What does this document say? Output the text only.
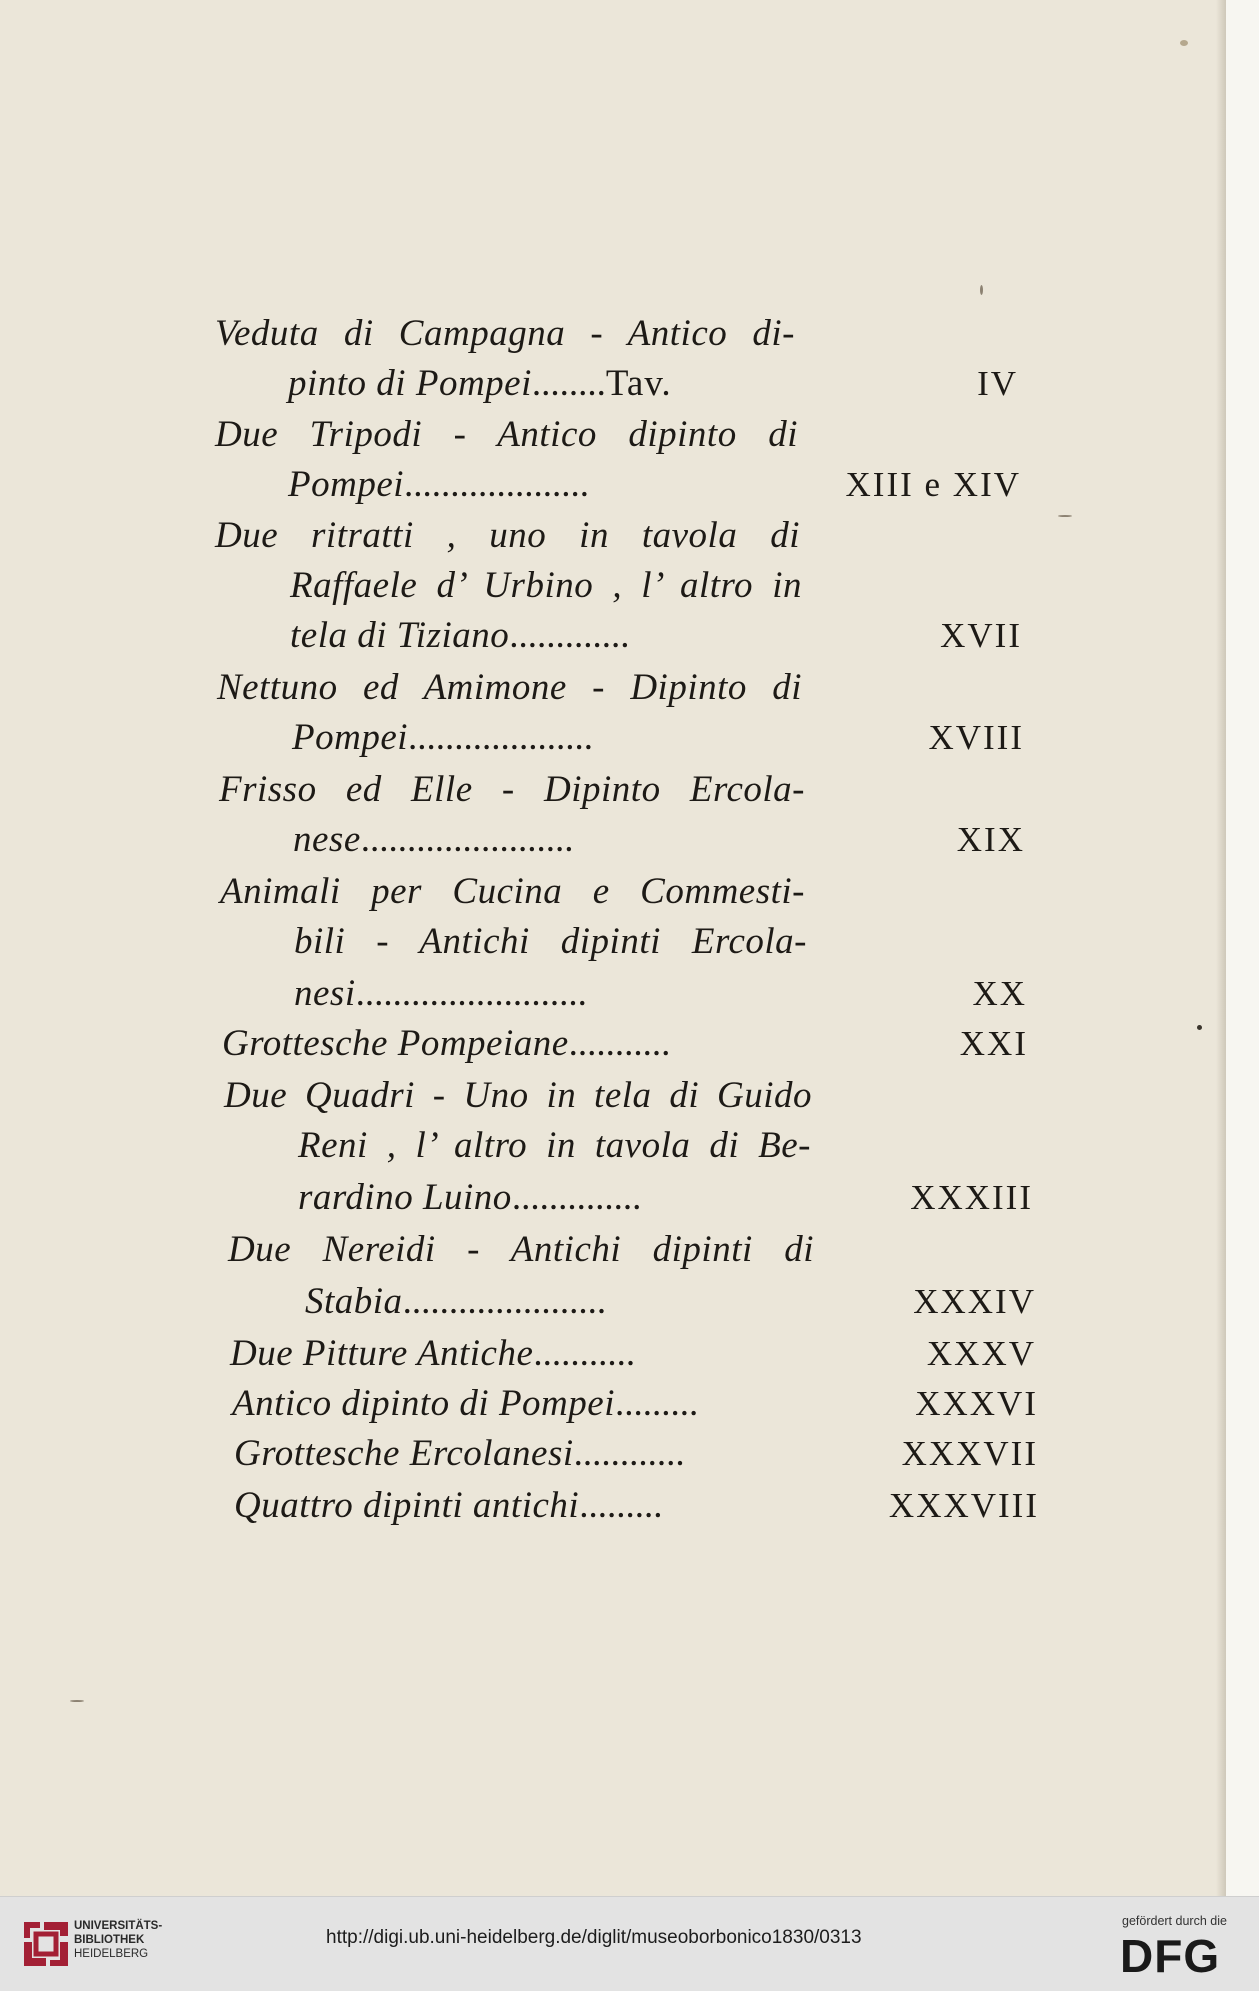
Veduta di Campagna - Antico di-
pinto di Pompei........Tav.	IV
Due Tripodi - Antico dipinto di
Pompei....................	XIII e XIV
Due ritratti , uno in tavola di
Raffaele d’ Urbino , l’ altro in
tela di Tiziano.............	XVII
Nettuno ed Amimone - Dipinto di
Pompei....................	XVIII
Frisso ed Elle - Dipinto Ercola-
nese.......................	XIX
Animali per Cucina e Commesti-
bili - Antichi dipinti Ercola-
nesi.........................	XX
Grottesche Pompeiane...........	XXI
Due Quadri - Uno in tela di Guido
Reni , l’ altro in tavola di Be-
rardino Luino..............	XXXIII
Due Nereidi - Antichi dipinti di
Stabia......................	XXXIV
Due Pitture Antiche...........	XXXV
Antico dipinto di Pompei.........	XXXVI
Grottesche Ercolanesi............	XXXVII
Quattro dipinti antichi.........	XXXVIII
UNIVERSITÄTS-
BIBLIOTHEK
HEIDELBERG
http://digi.ub.uni-heidelberg.de/diglit/museoborbonico1830/0313
gefördert durch die
DFG
